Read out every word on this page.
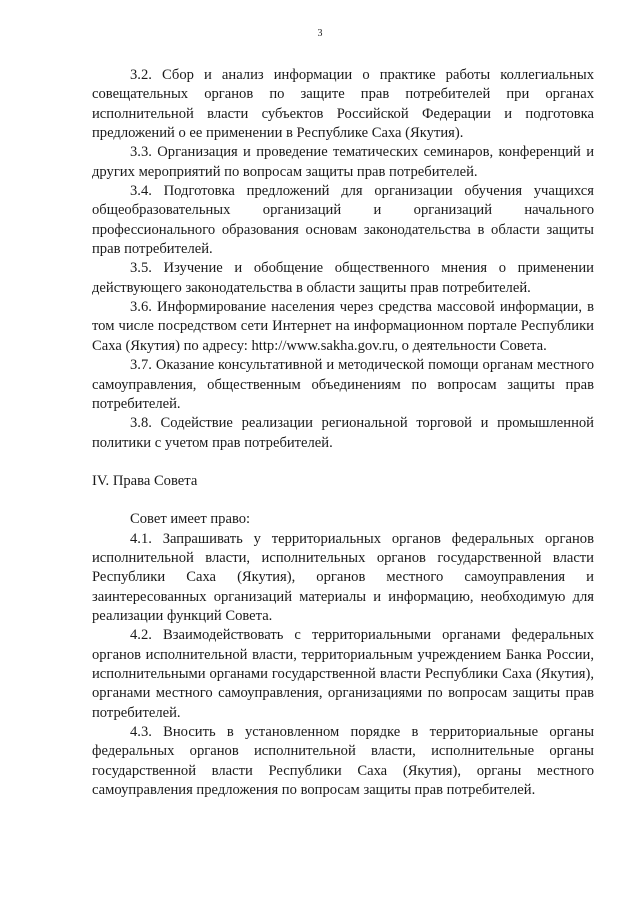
3

3.2. Сбор и анализ информации о практике работы коллегиальных совещательных органов по защите прав потребителей при органах исполнительной власти субъектов Российской Федерации и подготовка предложений о ее применении в Республике Саха (Якутия).

3.3. Организация и проведение тематических семинаров, конференций и других мероприятий по вопросам защиты прав потребителей.

3.4. Подготовка предложений для организации обучения учащихся общеобразовательных организаций и организаций начального профессионального образования основам законодательства в области защиты прав потребителей.

3.5. Изучение и обобщение общественного мнения о применении действующего законодательства в области защиты прав потребителей.

3.6. Информирование населения через средства массовой информации, в том числе посредством сети Интернет на информационном портале Республики Саха (Якутия) по адресу: http://www.sakha.gov.ru, о деятельности Совета.

3.7. Оказание консультативной и методической помощи органам местного самоуправления, общественным объединениям по вопросам защиты прав потребителей.

3.8. Содействие реализации региональной торговой и промышленной политики с учетом прав потребителей.

IV. Права Совета

Совет имеет право:

4.1. Запрашивать у территориальных органов федеральных органов исполнительной власти, исполнительных органов государственной власти Республики Саха (Якутия), органов местного самоуправления и заинтересованных организаций материалы и информацию, необходимую для реализации функций Совета.

4.2. Взаимодействовать с территориальными органами федеральных органов исполнительной власти, территориальным учреждением Банка России, исполнительными органами государственной власти Республики Саха (Якутия), органами местного самоуправления, организациями по вопросам защиты прав потребителей.

4.3. Вносить в установленном порядке в территориальные органы федеральных органов исполнительной власти, исполнительные органы государственной власти Республики Саха (Якутия), органы местного самоуправления предложения по вопросам защиты прав потребителей.
